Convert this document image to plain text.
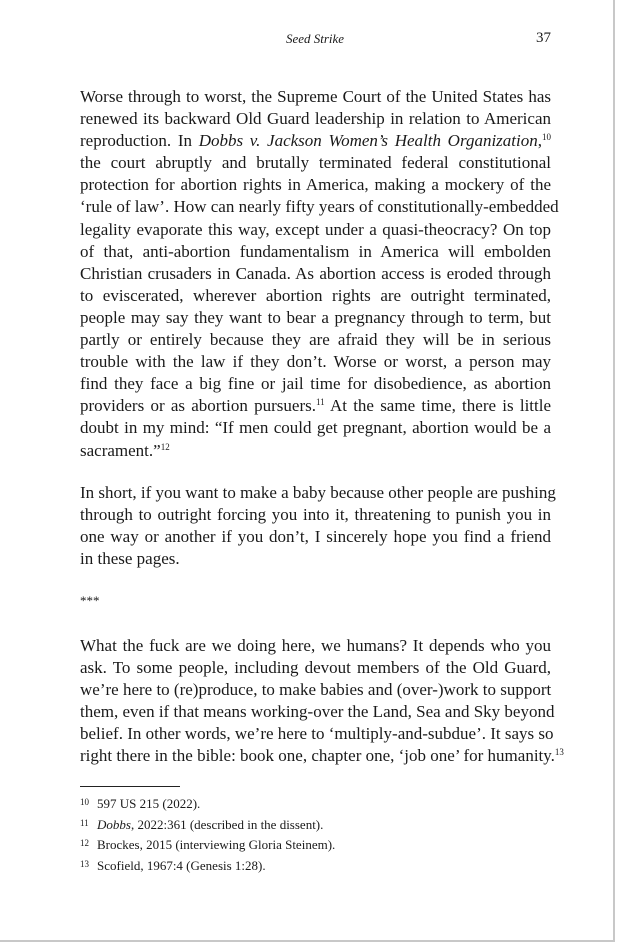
Seed Strike	37
Worse through to worst, the Supreme Court of the United States has
renewed its backward Old Guard leadership in relation to American
reproduction. In Dobbs v. Jackson Women’s Health Organization,$^{10}$
the court abruptly and brutally terminated federal constitutional
protection for abortion rights in America, making a mockery of the
‘rule of law’. How can nearly fifty years of constitutionally-embedded
legality evaporate this way, except under a quasi-theocracy? On top
of that, anti-abortion fundamentalism in America will embolden
Christian crusaders in Canada. As abortion access is eroded through
to eviscerated, wherever abortion rights are outright terminated,
people may say they want to bear a pregnancy through to term, but
partly or entirely because they are afraid they will be in serious
trouble with the law if they don’t. Worse or worst, a person may
find they face a big fine or jail time for disobedience, as abortion
providers or as abortion pursuers.$^{11}$ At the same time, there is little
doubt in my mind: “If men could get pregnant, abortion would be a
sacrament.”$^{12}$
In short, if you want to make a baby because other people are pushing
through to outright forcing you into it, threatening to punish you in
one way or another if you don’t, I sincerely hope you find a friend
in these pages.
***
What the fuck are we doing here, we humans? It depends who you
ask. To some people, including devout members of the Old Guard,
we’re here to (re)produce, to make babies and (over-)work to support
them, even if that means working-over the Land, Sea and Sky beyond
belief. In other words, we’re here to ‘multiply-and-subdue’. It says so
right there in the bible: book one, chapter one, ‘job one’ for humanity.$^{13}$
10 597 US 215 (2022).
11 Dobbs, 2022:361 (described in the dissent).
12 Brockes, 2015 (interviewing Gloria Steinem).
13 Scofield, 1967:4 (Genesis 1:28).
